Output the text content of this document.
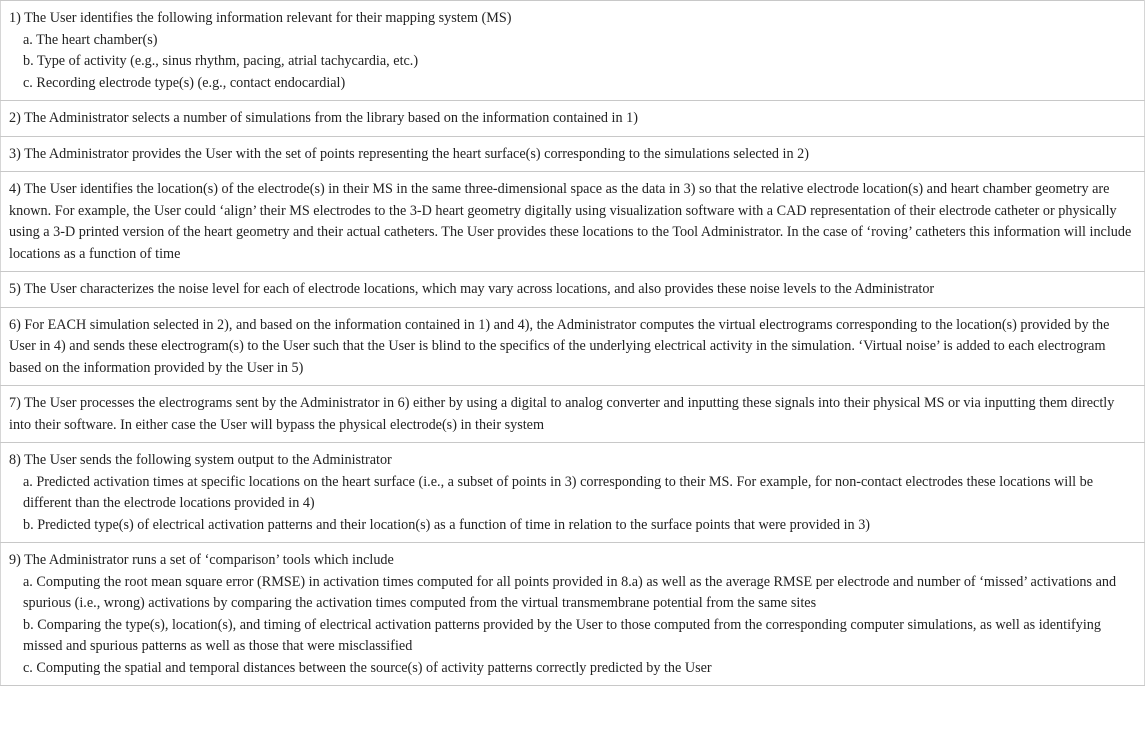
1) The User identifies the following information relevant for their mapping system (MS)
a. The heart chamber(s)
b. Type of activity (e.g., sinus rhythm, pacing, atrial tachycardia, etc.)
c. Recording electrode type(s) (e.g., contact endocardial)

2) The Administrator selects a number of simulations from the library based on the information contained in 1)

3) The Administrator provides the User with the set of points representing the heart surface(s) corresponding to the simulations selected in 2)

4) The User identifies the location(s) of the electrode(s) in their MS in the same three-dimensional space as the data in 3) so that the relative electrode location(s) and heart chamber geometry are known. For example, the User could ‘align’ their MS electrodes to the 3-D heart geometry digitally using visualization software with a CAD representation of their electrode catheter or physically using a 3-D printed version of the heart geometry and their actual catheters. The User provides these locations to the Tool Administrator. In the case of ‘roving’ catheters this information will include locations as a function of time

5) The User characterizes the noise level for each of electrode locations, which may vary across locations, and also provides these noise levels to the Administrator

6) For EACH simulation selected in 2), and based on the information contained in 1) and 4), the Administrator computes the virtual electrograms corresponding to the location(s) provided by the User in 4) and sends these electrogram(s) to the User such that the User is blind to the specifics of the underlying electrical activity in the simulation. ‘Virtual noise’ is added to each electrogram based on the information provided by the User in 5)

7) The User processes the electrograms sent by the Administrator in 6) either by using a digital to analog converter and inputting these signals into their physical MS or via inputting them directly into their software. In either case the User will bypass the physical electrode(s) in their system

8) The User sends the following system output to the Administrator
a. Predicted activation times at specific locations on the heart surface (i.e., a subset of points in 3) corresponding to their MS. For example, for non-contact electrodes these locations will be different than the electrode locations provided in 4)
b. Predicted type(s) of electrical activation patterns and their location(s) as a function of time in relation to the surface points that were provided in 3)

9) The Administrator runs a set of ‘comparison’ tools which include
a. Computing the root mean square error (RMSE) in activation times computed for all points provided in 8.a) as well as the average RMSE per electrode and number of ‘missed’ activations and spurious (i.e., wrong) activations by comparing the activation times computed from the virtual transmembrane potential from the same sites
b. Comparing the type(s), location(s), and timing of electrical activation patterns provided by the User to those computed from the corresponding computer simulations, as well as identifying missed and spurious patterns as well as those that were misclassified
c. Computing the spatial and temporal distances between the source(s) of activity patterns correctly predicted by the User
